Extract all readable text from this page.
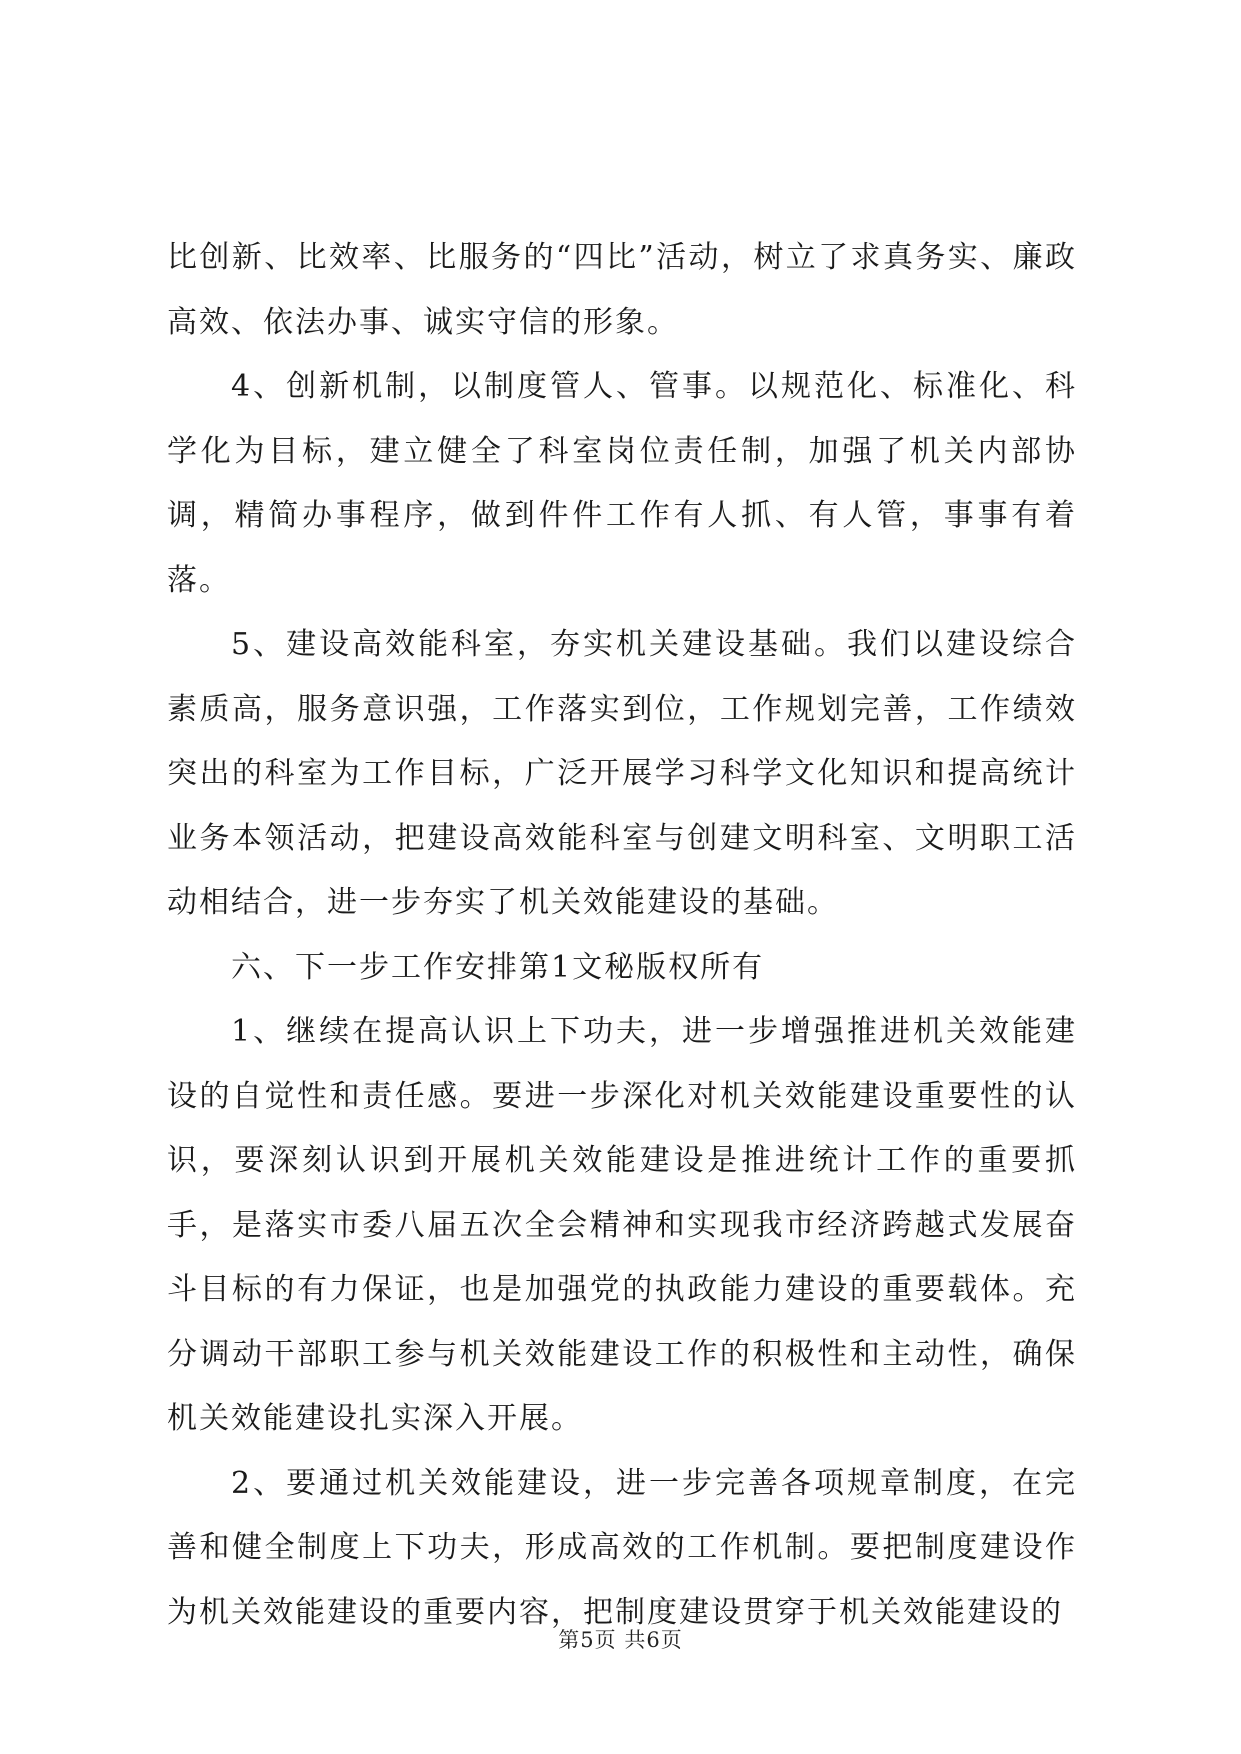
比创新、比效率、比服务的“四比”活动，树立了求真务实、廉政高效、依法办事、诚实守信的形象。

4、创新机制，以制度管人、管事。以规范化、标准化、科学化为目标，建立健全了科室岗位责任制，加强了机关内部协调，精简办事程序，做到件件工作有人抓、有人管，事事有着落。

5、建设高效能科室，夯实机关建设基础。我们以建设综合素质高，服务意识强，工作落实到位，工作规划完善，工作绩效突出的科室为工作目标，广泛开展学习科学文化知识和提高统计业务本领活动，把建设高效能科室与创建文明科室、文明职工活动相结合，进一步夯实了机关效能建设的基础。

六、下一步工作安排第1文秘版权所有

1、继续在提高认识上下功夫，进一步增强推进机关效能建设的自觉性和责任感。要进一步深化对机关效能建设重要性的认识，要深刻认识到开展机关效能建设是推进统计工作的重要抓手，是落实市委八届五次全会精神和实现我市经济跨越式发展奋斗目标的有力保证，也是加强党的执政能力建设的重要载体。充分调动干部职工参与机关效能建设工作的积极性和主动性，确保机关效能建设扎实深入开展。

2、要通过机关效能建设，进一步完善各项规章制度，在完善和健全制度上下功夫，形成高效的工作机制。要把制度建设作为机关效能建设的重要内容，把制度建设贯穿于机关效能建设的

第5页 共6页
